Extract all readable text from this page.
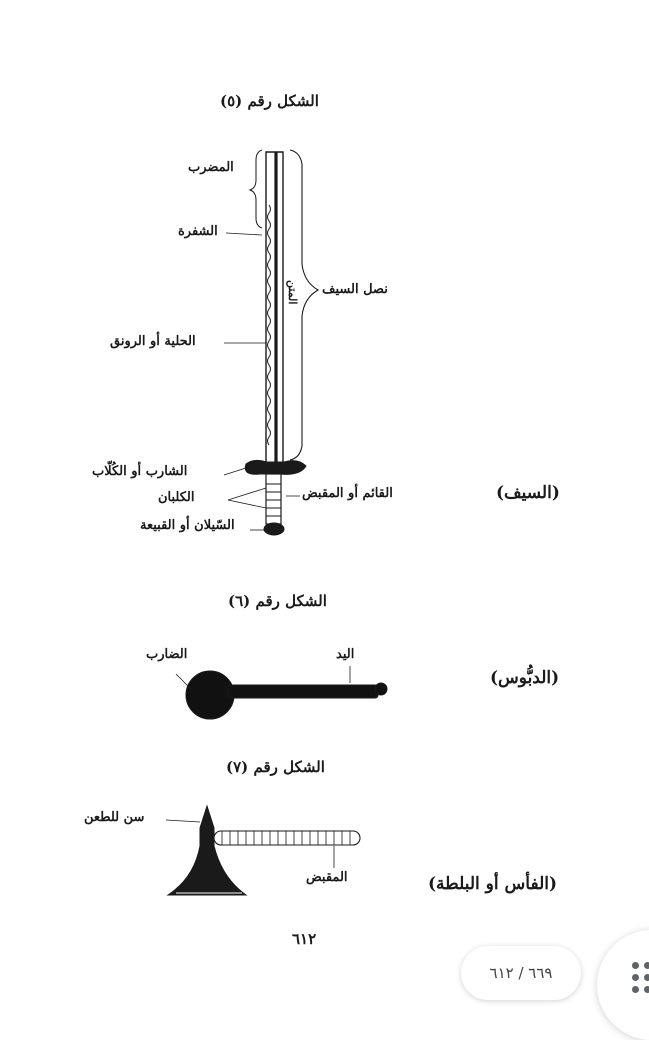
الشكل رقم (٥)
المضرب
الشفرة
الحلية أو الرونق
نصل السيف
المتن
الشارب أو الكُلّاب
القائم أو المقبض
الكلبان
السّيلان أو القبيعة
(السيف)
الشكل رقم (٦)
الضارب	اليد
(الدبُّوس)
الشكل رقم (٧)
سن للطعن
المقبض	(الفأس أو البلطة)
٦١٢
٦٦٩ / ٦١٢
